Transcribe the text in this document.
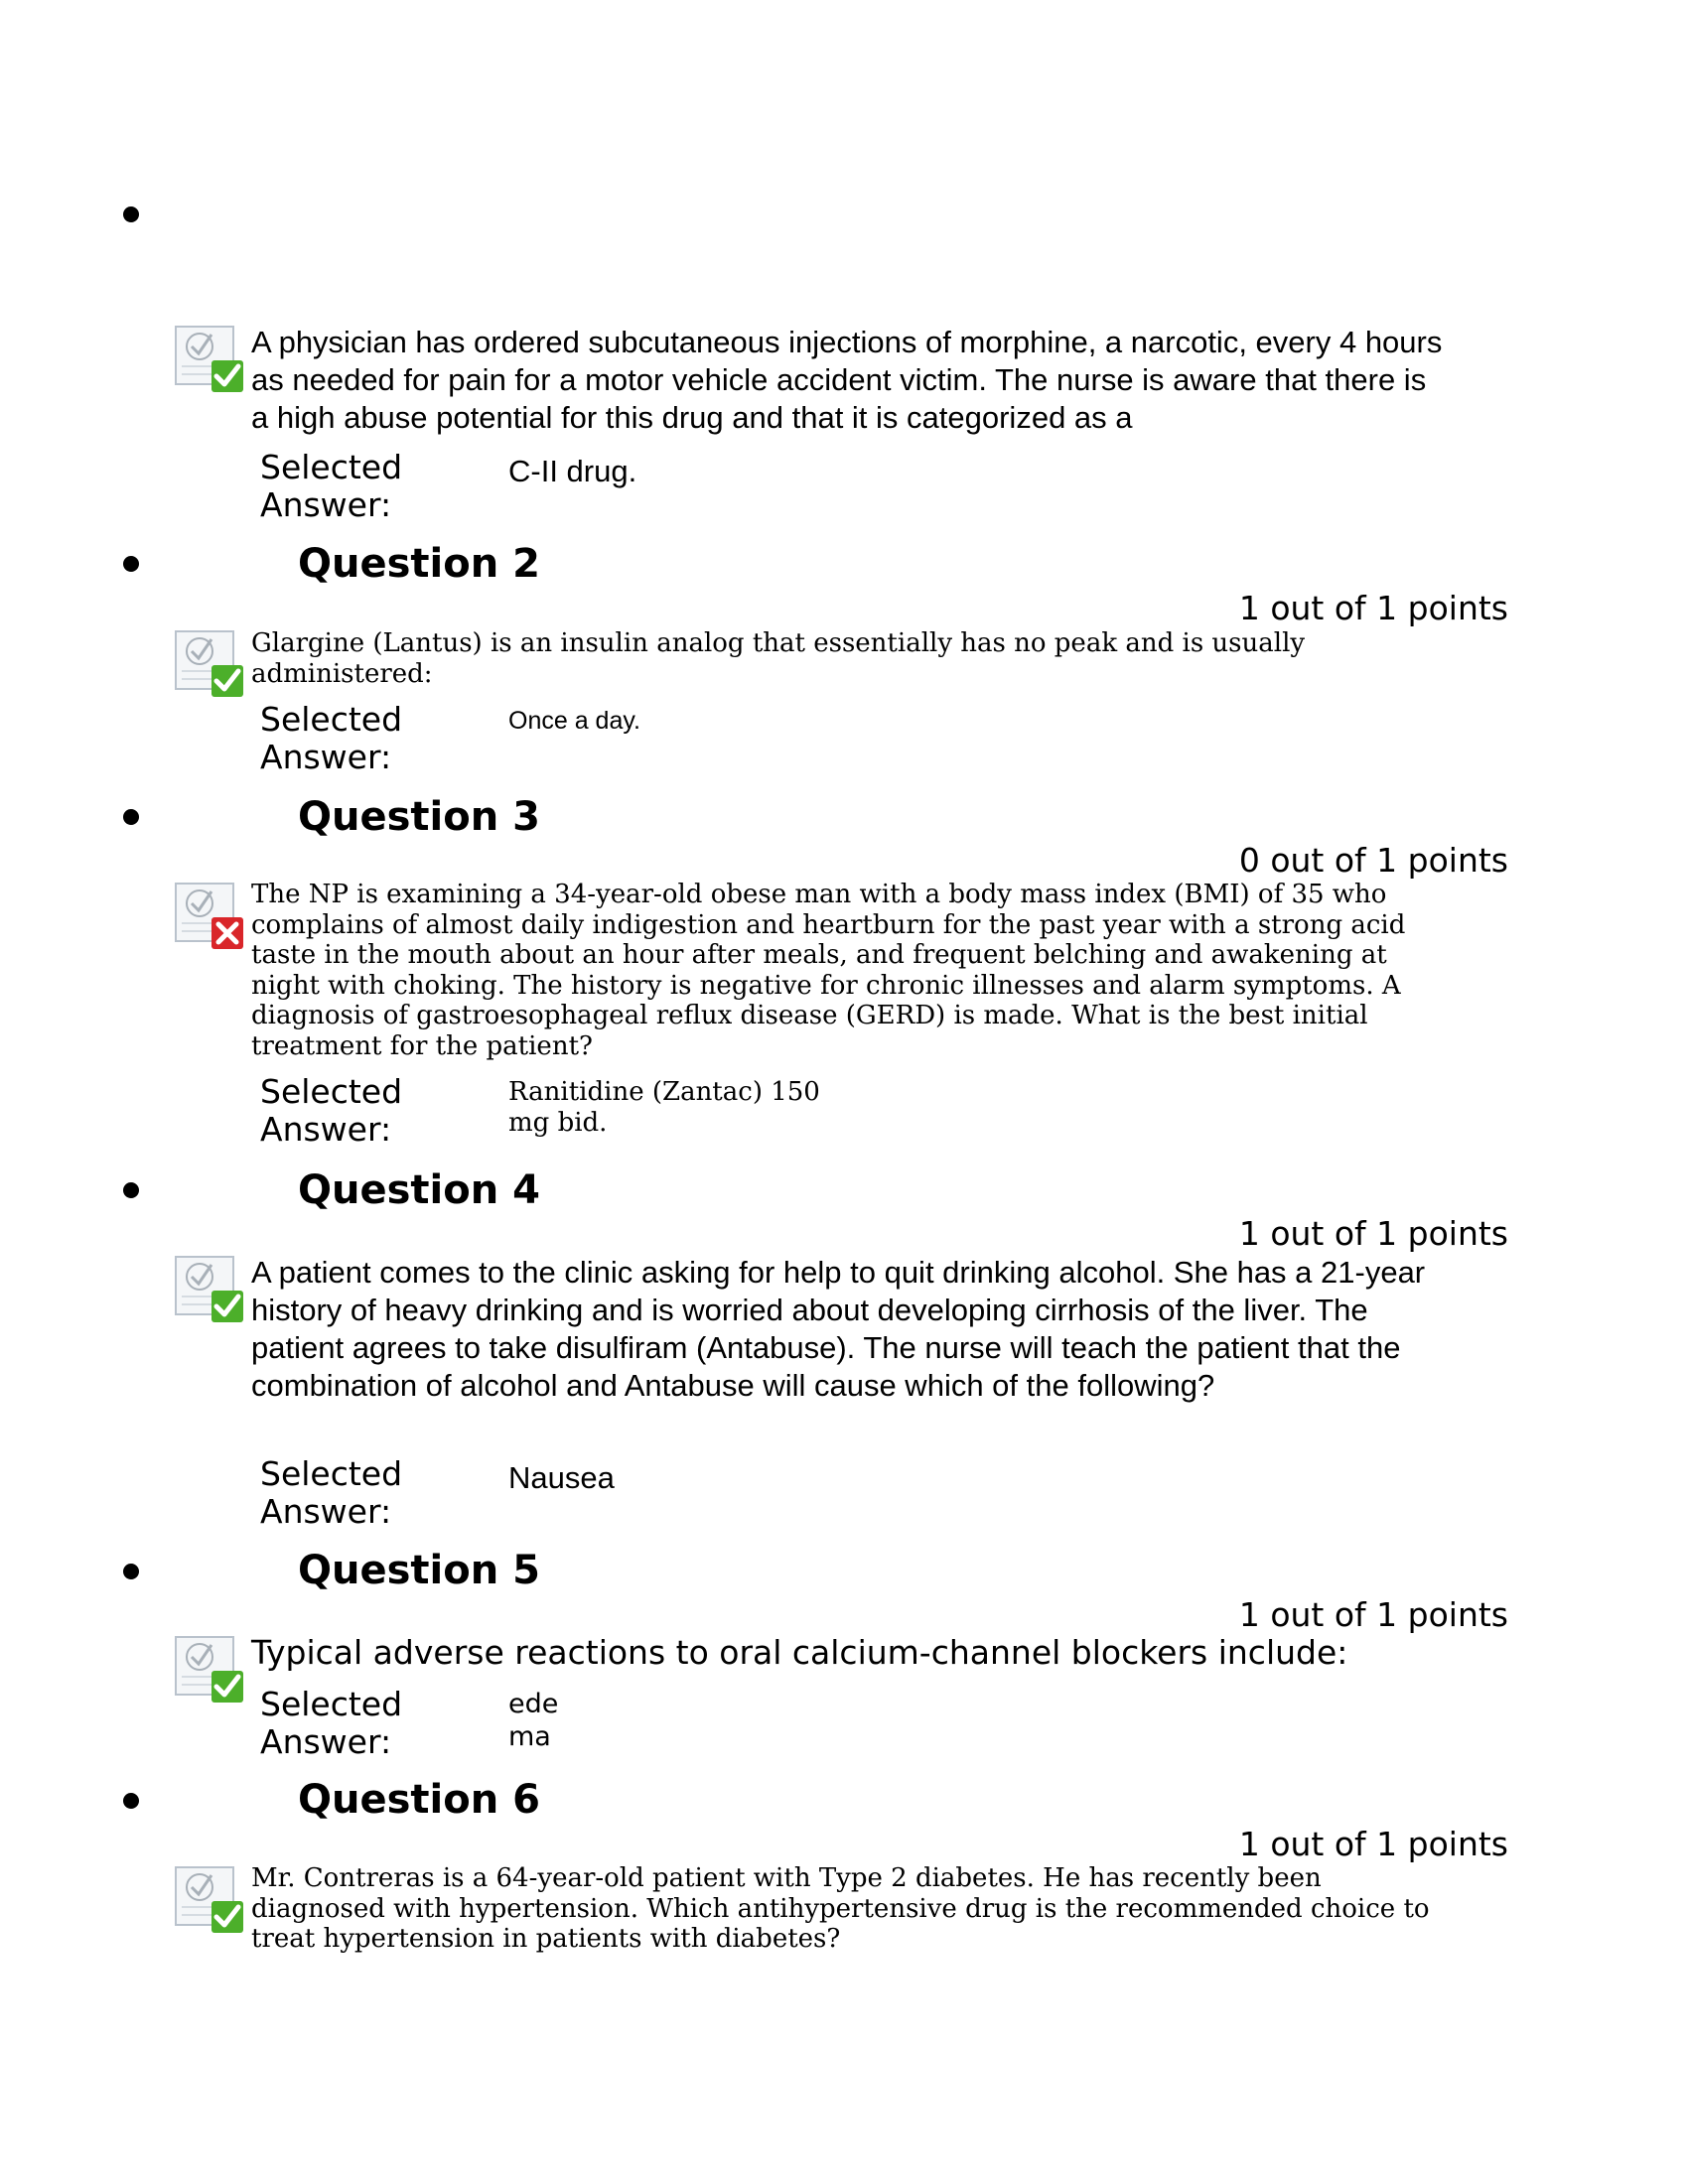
A physician has ordered subcutaneous injections of morphine, a narcotic, every 4 hours as needed for pain for a motor vehicle accident victim. The nurse is aware that there is a high abuse potential for this drug and that it is categorized as a
Selected Answer:
C-II drug.
Question 2
1 out of 1 points
Glargine (Lantus) is an insulin analog that essentially has no peak and is usually administered:
Selected Answer:
Once a day.
Question 3
0 out of 1 points
The NP is examining a 34-year-old obese man with a body mass index (BMI) of 35 who complains of almost daily indigestion and heartburn for the past year with a strong acid taste in the mouth about an hour after meals, and frequent belching and awakening at night with choking. The history is negative for chronic illnesses and alarm symptoms. A diagnosis of gastroesophageal reflux disease (GERD) is made. What is the best initial treatment for the patient?
Selected Answer:
Ranitidine (Zantac) 150 mg bid.
Question 4
1 out of 1 points
A patient comes to the clinic asking for help to quit drinking alcohol. She has a 21-year history of heavy drinking and is worried about developing cirrhosis of the liver. The patient agrees to take disulfiram (Antabuse). The nurse will teach the patient that the combination of alcohol and Antabuse will cause which of the following?
Selected Answer:
Nausea
Question 5
1 out of 1 points
Typical adverse reactions to oral calcium-channel blockers include:
Selected Answer:
ede ma
Question 6
1 out of 1 points
Mr. Contreras is a 64-year-old patient with Type 2 diabetes. He has recently been diagnosed with hypertension. Which antihypertensive drug is the recommended choice to treat hypertension in patients with diabetes?
